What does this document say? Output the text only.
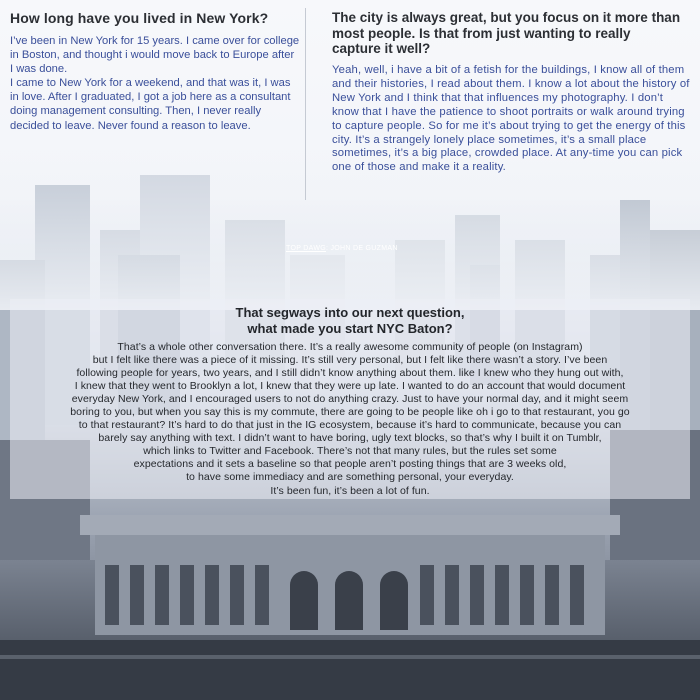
How long have you lived in New York?

I’ve been in New York for 15 years. I came over for college in Boston, and thought i would move back to Europe after I was done.
I came to New York for a weekend, and that was it, I was in love. After I graduated, I got a job here as a consultant doing management consulting. Then, I never really decided to leave. Never found a reason to leave.

The city is always great, but you focus on it more than most people. Is that from just wanting to really capture it well?

Yeah, well, i have a bit of a fetish for the buildings, I know all of them and their histories, I read about them. I know a lot about the history of New York and I think that that influences my photography. I don’t know that I have the patience to shoot portraits or walk around trying to capture people. So for me it’s about trying to get the energy of this city. It’s a strangely lonely place sometimes, it’s a small place sometimes, it’s a big place, crowded place. At any-time you can pick one of those and make it a reality.

TOP DAWG: JOHN DE GUZMAN
That segways into our next question,
what made you start NYC Baton?

That’s a whole other conversation there. It’s a really awesome community of people (on Instagram)
but I felt like there was a piece of it missing. It’s still very personal, but I felt like there wasn’t a story. I’ve been
following people for years, two years, and I still didn’t know anything about them. like I knew who they hung out with,
I knew that they went to Brooklyn a lot, I knew that they were up late. I wanted to do an account that would document
everyday New York, and I encouraged users to not do anything crazy. Just to have your normal day, and it might seem
boring to you, but when you say this is my commute, there are going to be people like oh i go to that restaurant, you go
to that restaurant? It’s hard to do that just in the IG ecosystem, because it’s hard to communicate, because you can
barely say anything with text. I didn’t want to have boring, ugly text blocks, so that’s why I built it on Tumblr,
which links to Twitter and Facebook. There’s not that many rules, but the rules set some
expectations and it sets a baseline so that people aren’t posting things that are 3 weeks old,
to have some immediacy and are something personal, your everyday.
It’s been fun, it’s been a lot of fun.
